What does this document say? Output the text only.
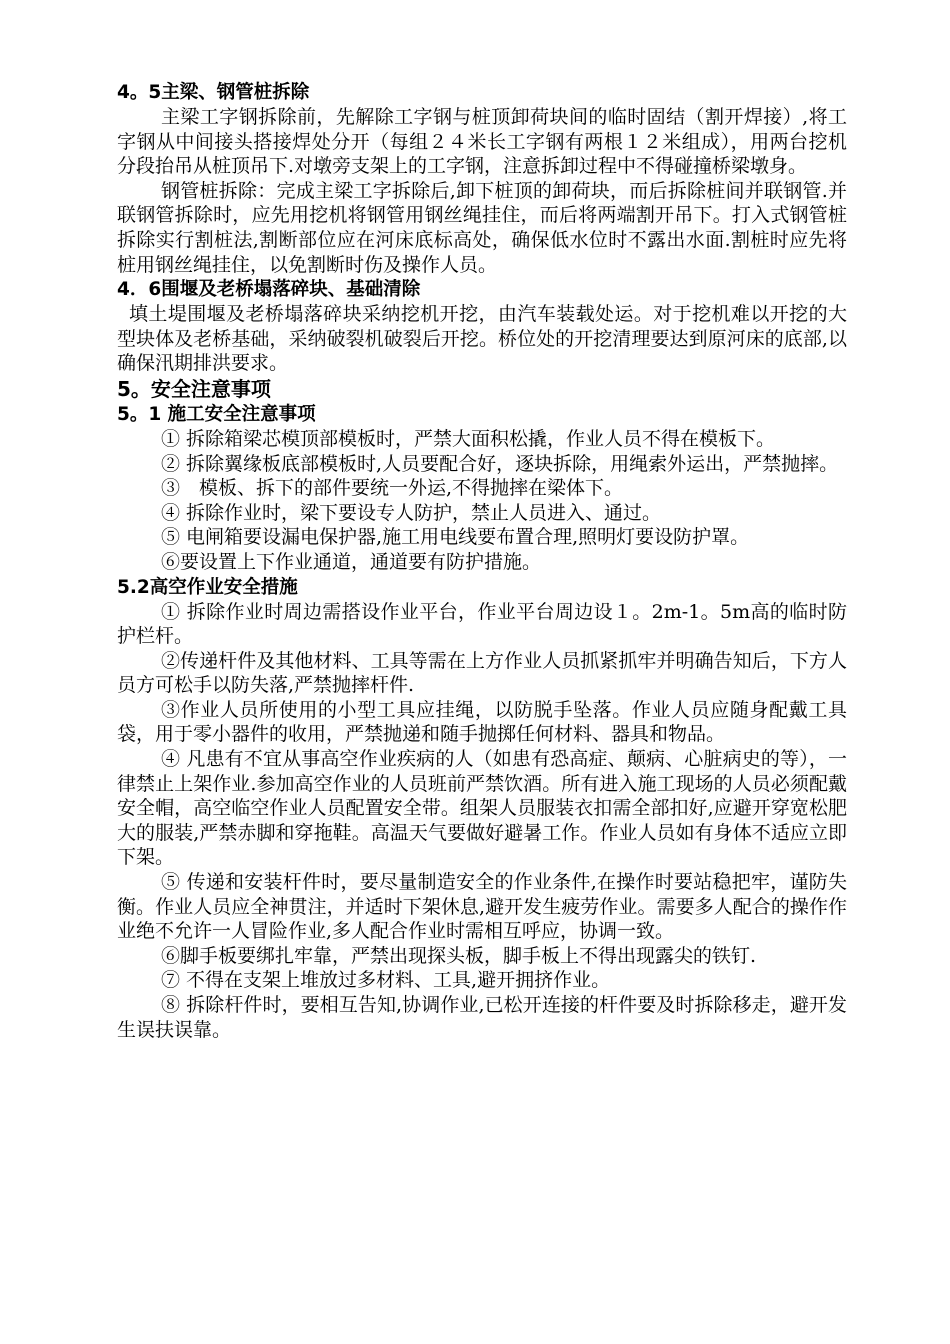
4。5主梁、钢管桩拆除
主梁工字钢拆除前，先解除工字钢与桩顶卸荷块间的临时固结（割开焊接）,将工字钢从中间接头搭接焊处分开（每组２４米长工字钢有两根１２米组成），用两台挖机分段抬吊从桩顶吊下.对墩旁支架上的工字钢，注意拆卸过程中不得碰撞桥梁墩身。
钢管桩拆除：完成主梁工字拆除后,卸下桩顶的卸荷块，而后拆除桩间并联钢管.并联钢管拆除时，应先用挖机将钢管用钢丝绳挂住，而后将两端割开吊下。打入式钢管桩拆除实行割桩法,割断部位应在河床底标高处，确保低水位时不露出水面.割桩时应先将桩用钢丝绳挂住，以免割断时伤及操作人员。
4．6围堰及老桥塌落碎块、基础清除
填土堤围堰及老桥塌落碎块采纳挖机开挖，由汽车装载处运。对于挖机难以开挖的大型块体及老桥基础，采纳破裂机破裂后开挖。桥位处的开挖清理要达到原河床的底部,以确保汛期排洪要求。
5。安全注意事项
5。1 施工安全注意事项
① 拆除箱梁芯模顶部模板时，严禁大面积松撬，作业人员不得在模板下。
② 拆除翼缘板底部模板时,人员要配合好，逐块拆除，用绳索外运出，严禁抛摔。
③　模板、拆下的部件要统一外运,不得抛摔在梁体下。
④ 拆除作业时，梁下要设专人防护，禁止人员进入、通过。
⑤ 电闸箱要设漏电保护器,施工用电线要布置合理,照明灯要设防护罩。
⑥要设置上下作业通道，通道要有防护措施。
5.2高空作业安全措施
① 拆除作业时周边需搭设作业平台，作业平台周边设１。2m-1。5m高的临时防护栏杆。
②传递杆件及其他材料、工具等需在上方作业人员抓紧抓牢并明确告知后，下方人员方可松手以防失落,严禁抛摔杆件.
③作业人员所使用的小型工具应挂绳，以防脱手坠落。作业人员应随身配戴工具袋，用于零小器件的收用，严禁抛递和随手抛掷任何材料、器具和物品。
④ 凡患有不宜从事高空作业疾病的人（如患有恐高症、颠病、心脏病史的等），一律禁止上架作业.参加高空作业的人员班前严禁饮酒。所有进入施工现场的人员必须配戴安全帽，高空临空作业人员配置安全带。组架人员服装衣扣需全部扣好,应避开穿宽松肥大的服装,严禁赤脚和穿拖鞋。高温天气要做好避暑工作。作业人员如有身体不适应立即下架。
⑤ 传递和安装杆件时，要尽量制造安全的作业条件,在操作时要站稳把牢，谨防失衡。作业人员应全神贯注，并适时下架休息,避开发生疲劳作业。需要多人配合的操作作业绝不允许一人冒险作业,多人配合作业时需相互呼应，协调一致。
⑥脚手板要绑扎牢靠，严禁出现探头板，脚手板上不得出现露尖的铁钉.
⑦ 不得在支架上堆放过多材料、工具,避开拥挤作业。
⑧ 拆除杆件时，要相互告知,协调作业,已松开连接的杆件要及时拆除移走，避开发生误扶误靠。
